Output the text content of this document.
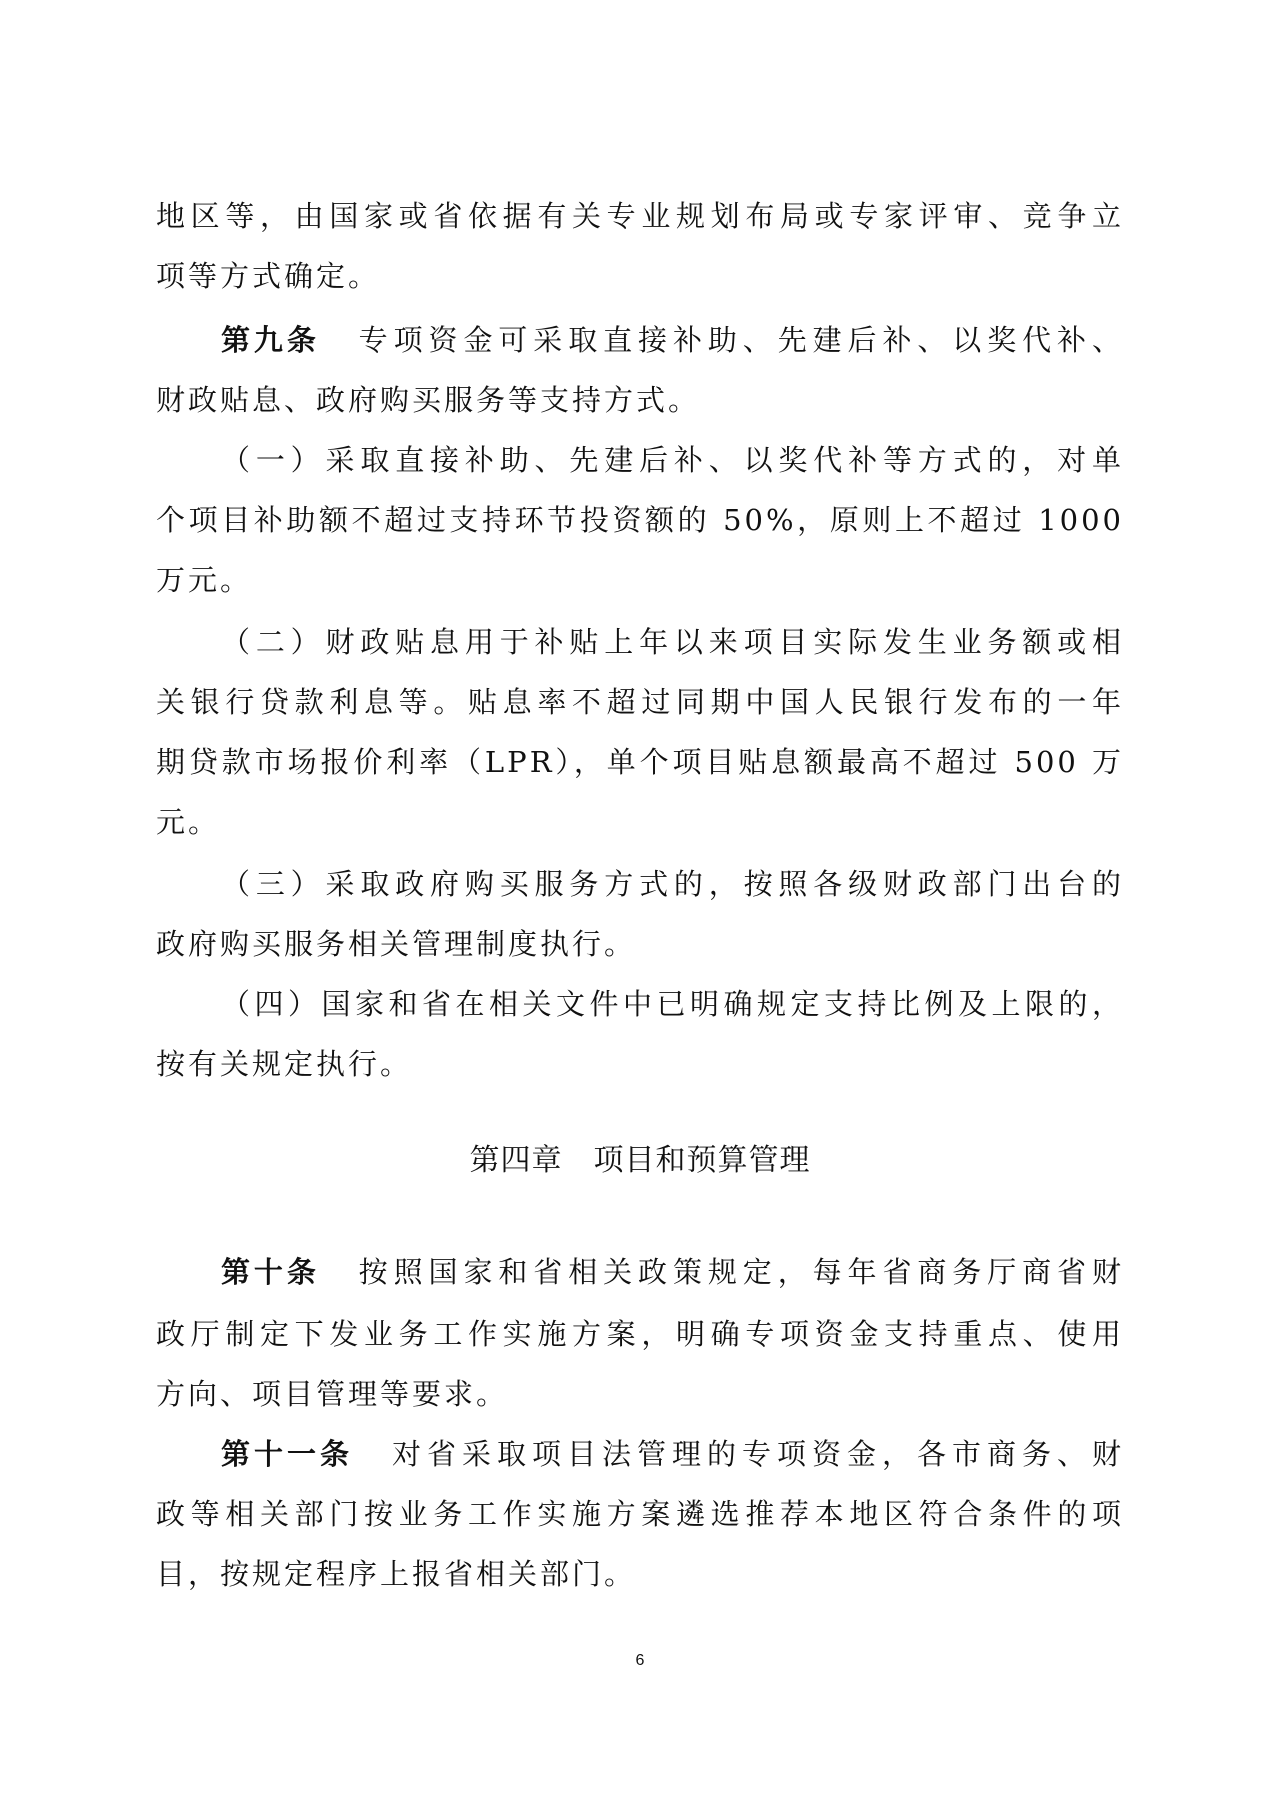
地区等，由国家或省依据有关专业规划布局或专家评审、竞争立
项等方式确定。
第九条 专项资金可采取直接补助、先建后补、以奖代补、
财政贴息、政府购买服务等支持方式。
（一）采取直接补助、先建后补、以奖代补等方式的，对单
个项目补助额不超过支持环节投资额的 50%，原则上不超过 1000
万元。
（二）财政贴息用于补贴上年以来项目实际发生业务额或相
关银行贷款利息等。贴息率不超过同期中国人民银行发布的一年
期贷款市场报价利率（LPR），单个项目贴息额最高不超过 500 万
元。
（三）采取政府购买服务方式的，按照各级财政部门出台的
政府购买服务相关管理制度执行。
（四）国家和省在相关文件中已明确规定支持比例及上限的，
按有关规定执行。
第四章　项目和预算管理
第十条 按照国家和省相关政策规定，每年省商务厅商省财
政厅制定下发业务工作实施方案，明确专项资金支持重点、使用
方向、项目管理等要求。
第十一条 对省采取项目法管理的专项资金，各市商务、财
政等相关部门按业务工作实施方案遴选推荐本地区符合条件的项
目，按规定程序上报省相关部门。
6
